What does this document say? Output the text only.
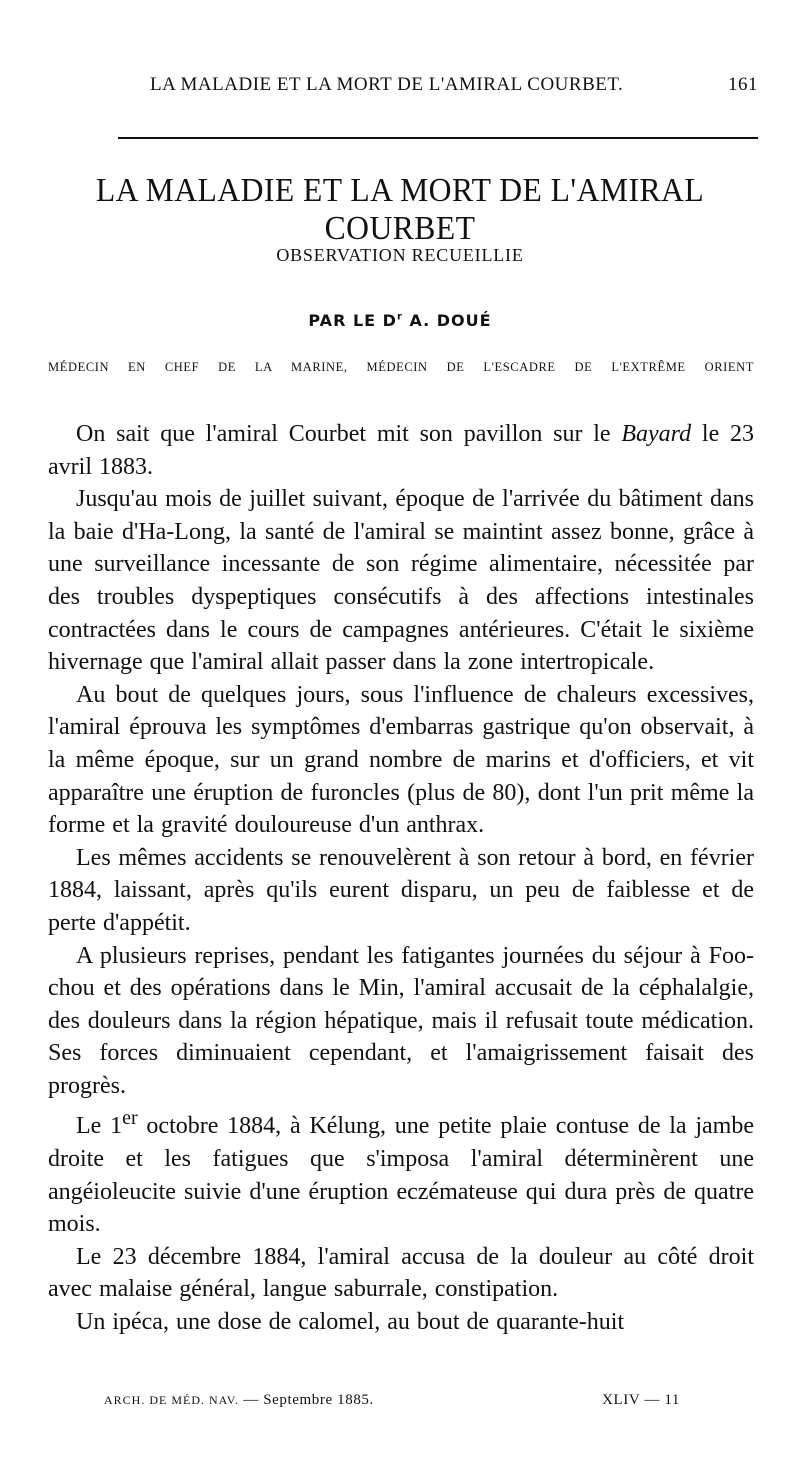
LA MALADIE ET LA MORT DE L'AMIRAL COURBET.	161
LA MALADIE ET LA MORT DE L'AMIRAL COURBET
OBSERVATION RECUEILLIE
PAR LE $D^r$ A. DOUÉ
MÉDECIN EN CHEF DE LA MARINE, MÉDECIN DE L'ESCADRE DE L'EXTRÊME ORIENT

On sait que l'amiral Courbet mit son pavillon sur le Bayard le 23 avril 1883.

Jusqu'au mois de juillet suivant, époque de l'arrivée du bâtiment dans la baie d'Ha-Long, la santé de l'amiral se maintint assez bonne, grâce à une surveillance incessante de son régime alimentaire, nécessitée par des troubles dyspeptiques consécutifs à des affections intestinales contractées dans le cours de campagnes antérieures. C'était le sixième hivernage que l'amiral allait passer dans la zone intertropicale.

Au bout de quelques jours, sous l'influence de chaleurs excessives, l'amiral éprouva les symptômes d'embarras gastrique qu'on observait, à la même époque, sur un grand nombre de marins et d'officiers, et vit apparaître une éruption de furoncles (plus de 80), dont l'un prit même la forme et la gravité douloureuse d'un anthrax.

Les mêmes accidents se renouvelèrent à son retour à bord, en février 1884, laissant, après qu'ils eurent disparu, un peu de faiblesse et de perte d'appétit.

A plusieurs reprises, pendant les fatigantes journées du séjour à Foo-chou et des opérations dans le Min, l'amiral accusait de la céphalalgie, des douleurs dans la région hépatique, mais il refusait toute médication. Ses forces diminuaient cependant, et l'amaigrissement faisait des progrès.

Le 1er octobre 1884, à Kélung, une petite plaie contuse de la jambe droite et les fatigues que s'imposa l'amiral déterminèrent une angéioleucite suivie d'une éruption eczémateuse qui dura près de quatre mois.

Le 23 décembre 1884, l'amiral accusa de la douleur au côté droit avec malaise général, langue saburrale, constipation.

Un ipéca, une dose de calomel, au bout de quarante-huit

ARCH. DE MÉD. NAV. — Septembre 1885.	XLIV — 11
